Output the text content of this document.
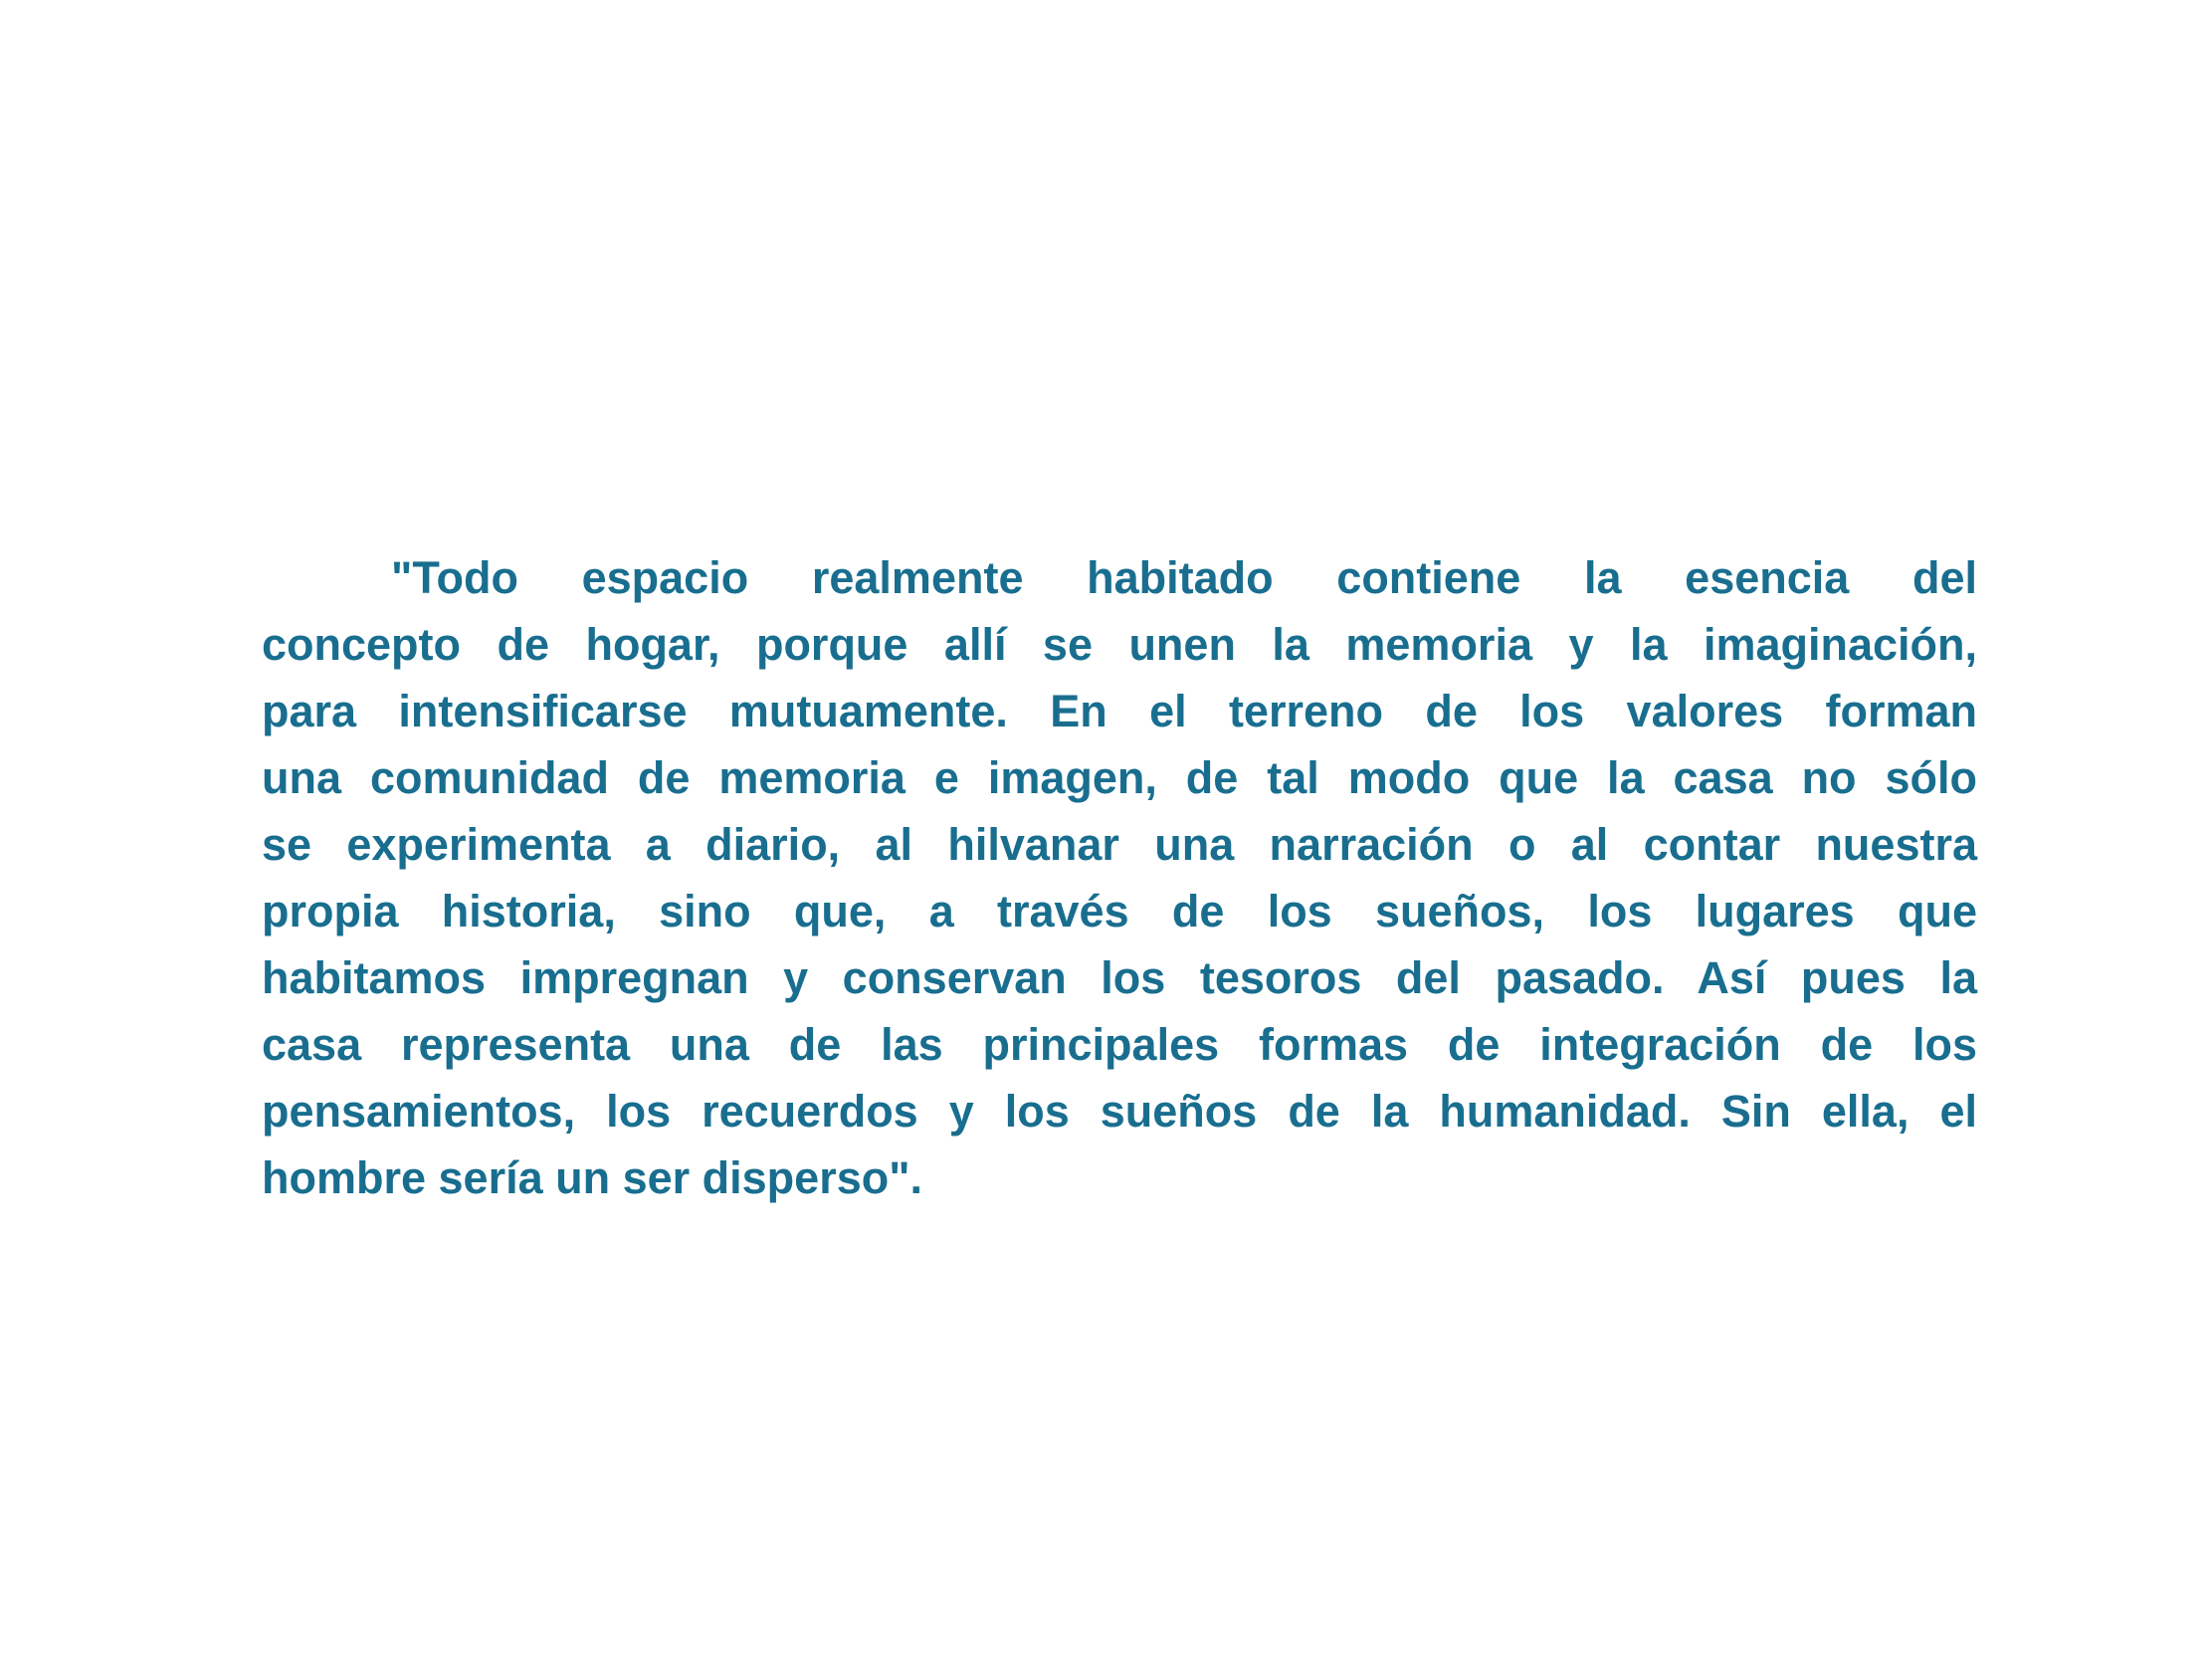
"Todo espacio realmente habitado contiene la esencia del
concepto de hogar, porque allí se unen la memoria y la imaginación,
para intensificarse mutuamente. En el terreno de los valores forman
una comunidad de memoria e imagen, de tal modo que la casa no sólo
se experimenta a diario, al hilvanar una narración o al contar nuestra
propia historia, sino que, a través de los sueños, los lugares que
habitamos impregnan y conservan los tesoros del pasado. Así pues la
casa representa una de las principales formas de integración de los
pensamientos, los recuerdos y los sueños de la humanidad. Sin ella, el
hombre sería un ser disperso".
